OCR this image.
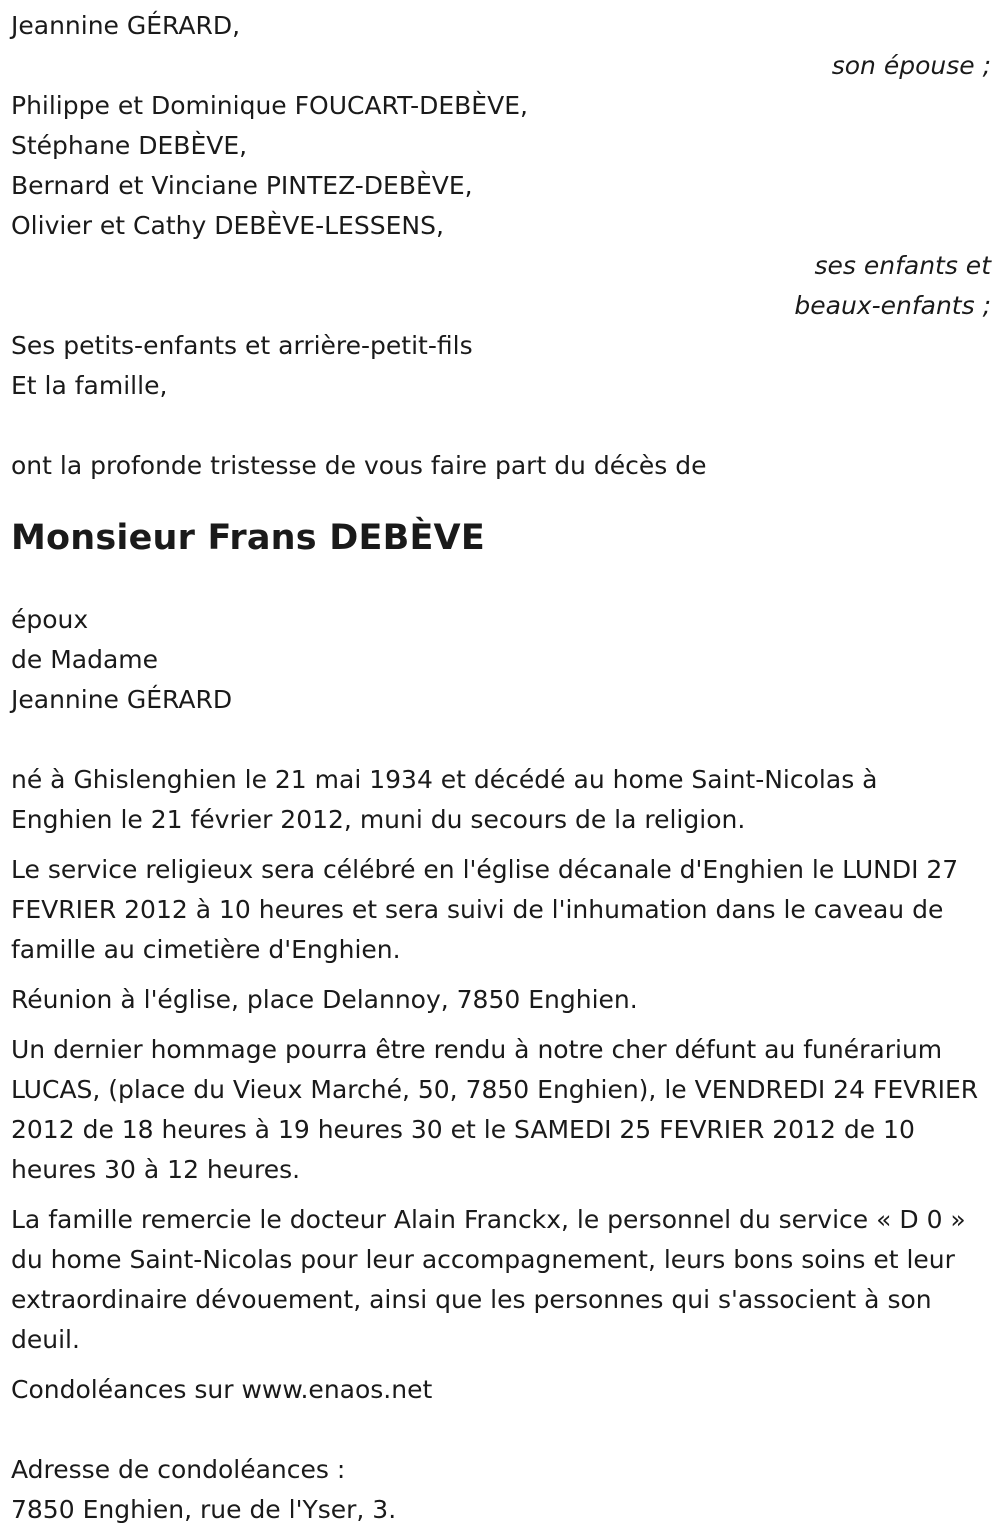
Jeannine GÉRARD,
son épouse ;
Philippe et Dominique FOUCART-DEBÈVE,
Stéphane DEBÈVE,
Bernard et Vinciane PINTEZ-DEBÈVE,
Olivier et Cathy DEBÈVE-LESSENS,
ses enfants et
beaux-enfants ;
Ses petits-enfants et arrière-petit-fils
Et la famille,
ont la profonde tristesse de vous faire part du décès de
Monsieur Frans DEBÈVE
époux
de Madame
Jeannine GÉRARD
né à Ghislenghien le 21 mai 1934 et décédé au home Saint-Nicolas à Enghien le 21 février 2012, muni du secours de la religion.
Le service religieux sera célébré en l'église décanale d'Enghien le LUNDI 27 FEVRIER 2012 à 10 heures et sera suivi de l'inhumation dans le caveau de famille au cimetière d'Enghien.
Réunion à l'église, place Delannoy, 7850 Enghien.
Un dernier hommage pourra être rendu à notre cher défunt au funérarium LUCAS, (place du Vieux Marché, 50, 7850 Enghien), le VENDREDI 24 FEVRIER 2012 de 18 heures à 19 heures 30 et le SAMEDI 25 FEVRIER 2012 de 10 heures 30 à 12 heures.
La famille remercie le docteur Alain Franckx, le personnel du service « D 0 » du home Saint-Nicolas pour leur accompagnement, leurs bons soins et leur extraordinaire dévouement, ainsi que les personnes qui s'associent à son deuil.
Condoléances sur www.enaos.net
Adresse de condoléances :
7850 Enghien, rue de l'Yser, 3.
